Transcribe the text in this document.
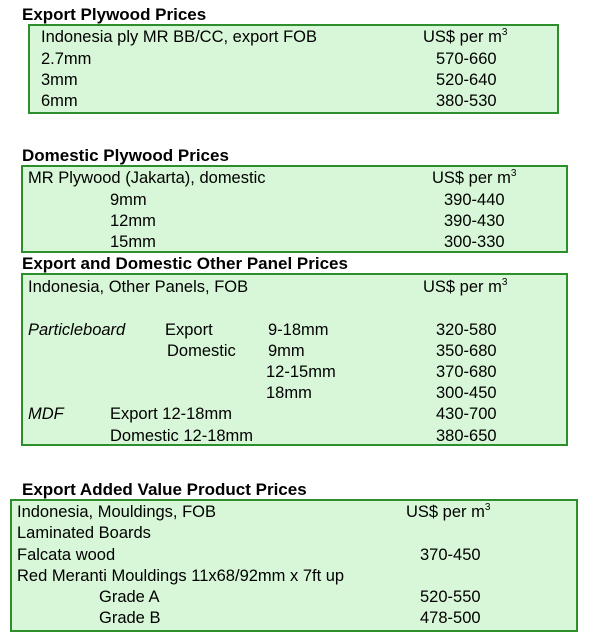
Export Plywood Prices
Indonesia ply MR BB/CC, export FOB	US$ per $m^3$
2.7mm	570-660
3mm	520-640
6mm	380-530
Domestic Plywood Prices
MR Plywood (Jakarta), domestic	US$ per $m^3$
9mm	390-440
12mm	390-430
15mm	300-330
Export and Domestic Other Panel Prices
Indonesia, Other Panels, FOB	US$ per $m^3$
Particleboard Export	9-18mm	320-580
Domestic 9mm	350-680
12-15mm	370-680
18mm	300-450
MDF	Export 12-18mm	430-700
Domestic 12-18mm	380-650
Export Added Value Product Prices
Indonesia, Mouldings, FOB	US$ per $m^3$
Laminated Boards
Falcata wood	370-450
Red Meranti Mouldings 11x68/92mm x 7ft up
Grade A	520-550
Grade B	478-500
